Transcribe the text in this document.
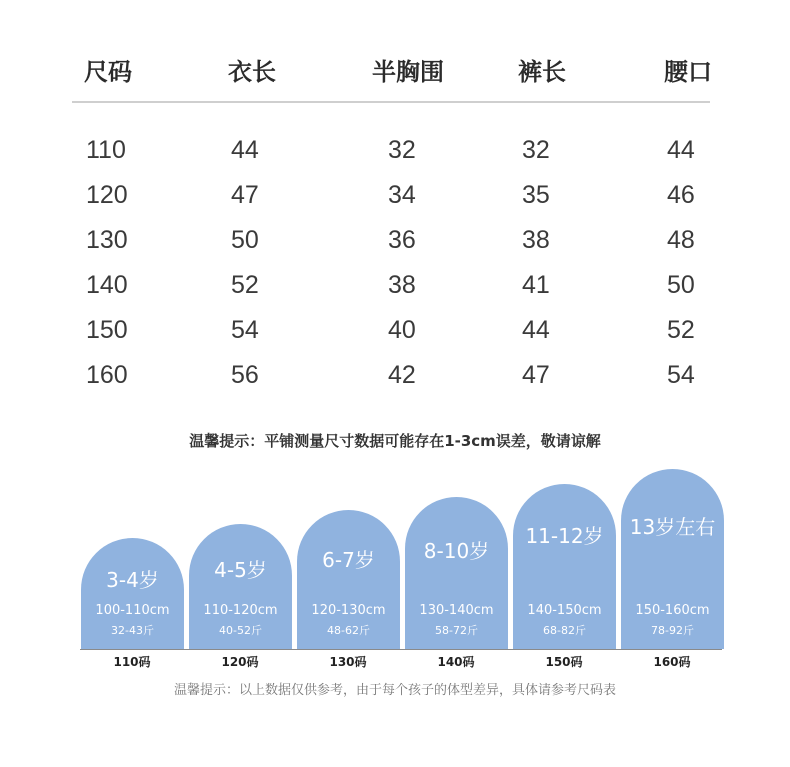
尺码	衣长	半胸围	裤长	腰口
110	44	32	32	44
120	47	34	35	46
130	50	36	38	48
140	52	38	41	50
150	54	40	44	52
160	56	42	47	54
温馨提示：平铺测量尺寸数据可能存在1-3cm误差，敬请谅解
3-4岁
100-110cm
32-43斤
4-5岁
110-120cm
40-52斤
6-7岁
120-130cm
48-62斤
8-10岁
130-140cm
58-72斤
11-12岁
140-150cm
68-82斤
13岁左右
150-160cm
78-92斤
110码	120码	130码	140码	150码	160码
温馨提示：以上数据仅供参考，由于每个孩子的体型差异，具体请参考尺码表
